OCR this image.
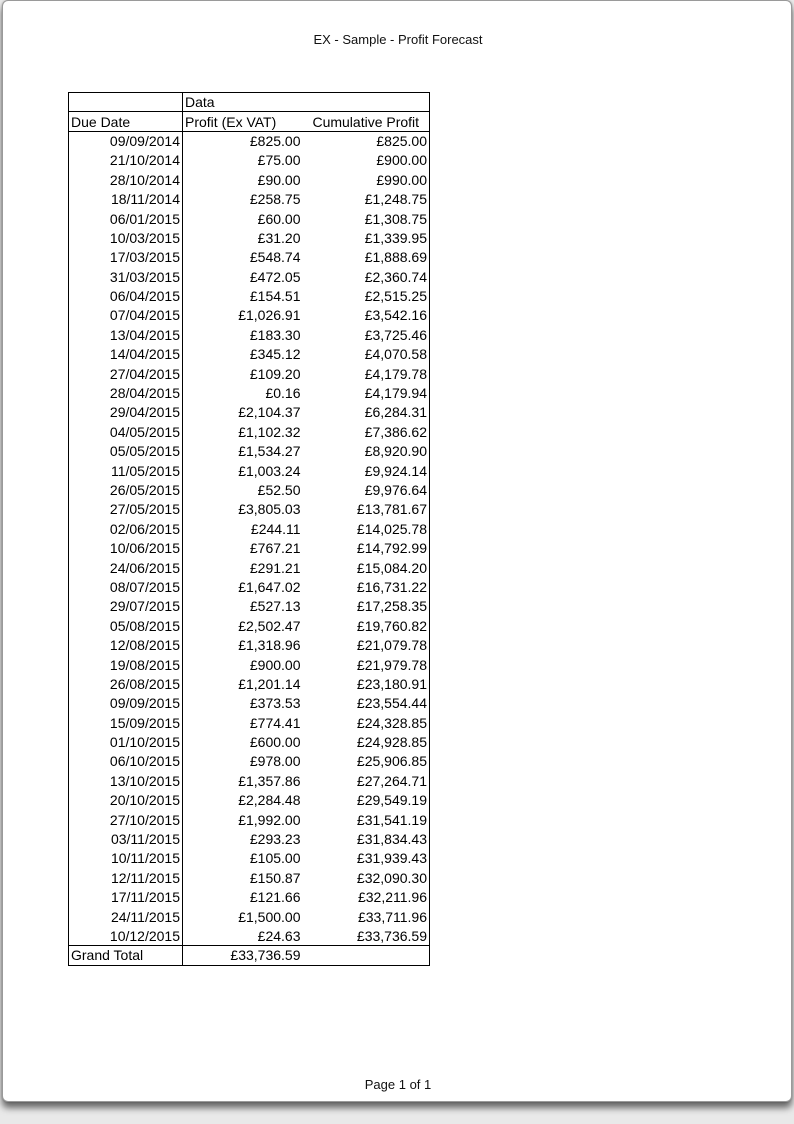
EX - Sample - Profit Forecast
	Data	
Due Date	Profit (Ex VAT)	Cumulative Profit
09/09/2014	£825.00	£825.00
21/10/2014	£75.00	£900.00
28/10/2014	£90.00	£990.00
18/11/2014	£258.75	£1,248.75
06/01/2015	£60.00	£1,308.75
10/03/2015	£31.20	£1,339.95
17/03/2015	£548.74	£1,888.69
31/03/2015	£472.05	£2,360.74
06/04/2015	£154.51	£2,515.25
07/04/2015	£1,026.91	£3,542.16
13/04/2015	£183.30	£3,725.46
14/04/2015	£345.12	£4,070.58
27/04/2015	£109.20	£4,179.78
28/04/2015	£0.16	£4,179.94
29/04/2015	£2,104.37	£6,284.31
04/05/2015	£1,102.32	£7,386.62
05/05/2015	£1,534.27	£8,920.90
11/05/2015	£1,003.24	£9,924.14
26/05/2015	£52.50	£9,976.64
27/05/2015	£3,805.03	£13,781.67
02/06/2015	£244.11	£14,025.78
10/06/2015	£767.21	£14,792.99
24/06/2015	£291.21	£15,084.20
08/07/2015	£1,647.02	£16,731.22
29/07/2015	£527.13	£17,258.35
05/08/2015	£2,502.47	£19,760.82
12/08/2015	£1,318.96	£21,079.78
19/08/2015	£900.00	£21,979.78
26/08/2015	£1,201.14	£23,180.91
09/09/2015	£373.53	£23,554.44
15/09/2015	£774.41	£24,328.85
01/10/2015	£600.00	£24,928.85
06/10/2015	£978.00	£25,906.85
13/10/2015	£1,357.86	£27,264.71
20/10/2015	£2,284.48	£29,549.19
27/10/2015	£1,992.00	£31,541.19
03/11/2015	£293.23	£31,834.43
10/11/2015	£105.00	£31,939.43
12/11/2015	£150.87	£32,090.30
17/11/2015	£121.66	£32,211.96
24/11/2015	£1,500.00	£33,711.96
10/12/2015	£24.63	£33,736.59
Grand Total	£33,736.59	
Page 1 of 1
